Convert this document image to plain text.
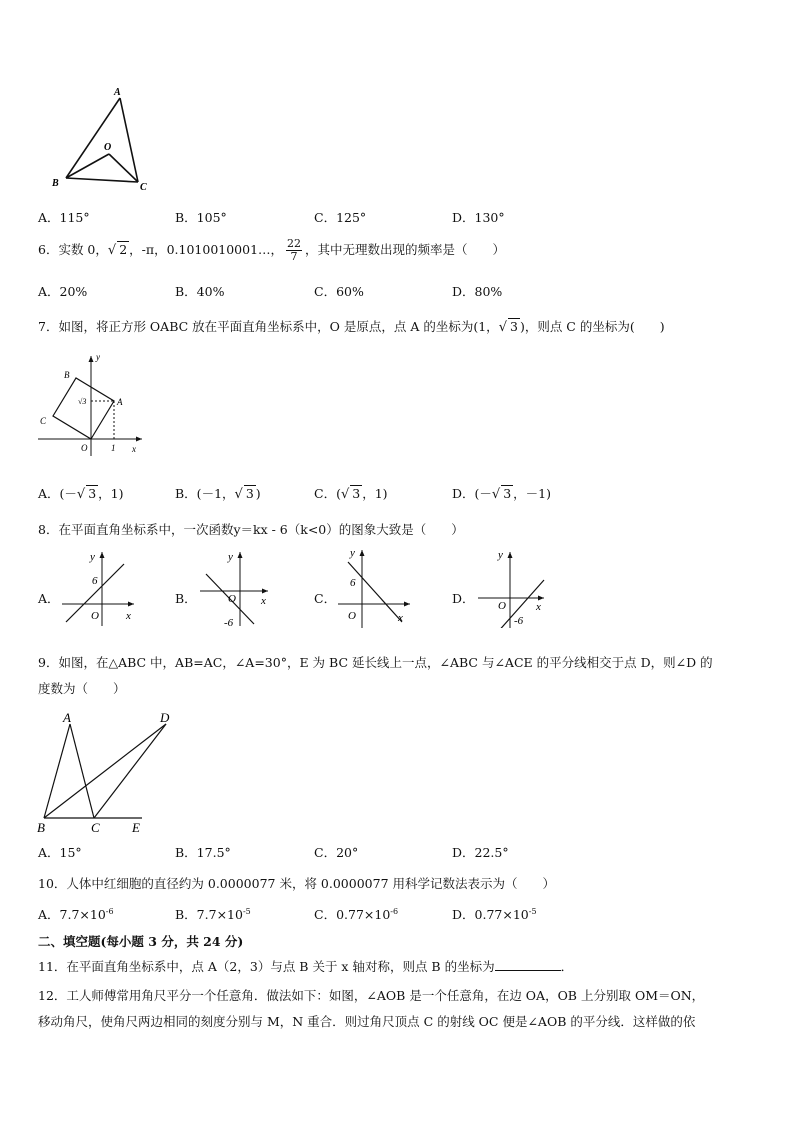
A
O
B	C
A．115°	B．105°	C．125°	D．130°
6．实数 0，√ 2 ，-π，0.1010010001…， $\frac{22}{7}$ ，其中无理数出现的频率是（　　）
A．20%	B．40%	C．60%	D．80%
7．如图，将正方形 OABC 放在平面直角坐标系中，O 是原点，点 A 的坐标为(1，√ 3 )，则点 C 的坐标为(　　)
y
B
√3	A
C
O	1 x
A．(－√ 3 ，1)	B．(－1，√ 3 )	C．(√ 3 ，1)	D．(－√ 3 ，－1)
8．在平面直角坐标系中，一次函数y＝kx - 6（k<0）的图象大致是（　　）
A．
y
6
O x
B．
y
O x
-6
C．
y
6
O	x
D．
y
O	x
-6
9．如图，在△ABC 中，AB=AC，∠A=30°，E 为 BC 延长线上一点，∠ABC 与∠ACE 的平分线相交于点 D，则∠D 的
度数为（　　）
A	D
B	C E
A．15°	B．17.5°	C．20°	D．22.5°
10．人体中红细胞的直径约为 0.0000077 米，将 0.0000077 用科学记数法表示为（　　）
A．$7.7\times 10^{-6}$	B．$7.7\times 10^{-5}$	C．$0.77\times 10^{-6}$	D．$0.77\times 10^{-5}$
二、填空题(每小题 3 分，共 24 分)
11．在平面直角坐标系中，点 A（2，3）与点 B 关于 x 轴对称，则点 B 的坐标为	．
12．工人师傅常用角尺平分一个任意角．做法如下：如图，∠AOB 是一个任意角，在边 OA，OB 上分别取 OM＝ON，
移动角尺，使角尺两边相同的刻度分别与 M，N 重合．则过角尺顶点 C 的射线 OC 便是∠AOB 的平分线．这样做的依
